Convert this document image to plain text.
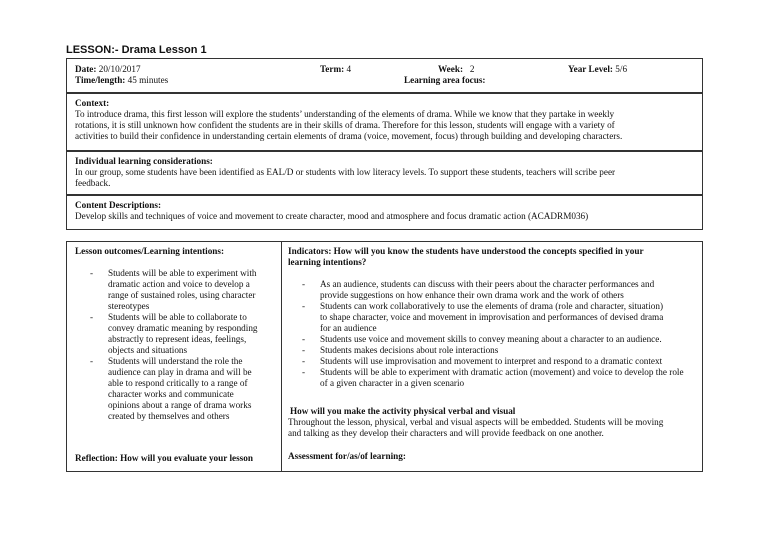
LESSON:- Drama Lesson 1
Date: 20/10/2017
Time/length: 45 minutes
Term: 4	Week: 2
Learning area focus:
Year Level: 5/6
Context:
To introduce drama, this first lesson will explore the students’ understanding of the elements of drama. While we know that they partake in weekly
rotations, it is still unknown how confident the students are in their skills of drama. Therefore for this lesson, students will engage with a variety of
activities to build their confidence in understanding certain elements of drama (voice, movement, focus) through building and developing characters.
Individual learning considerations:
In our group, some students have been identified as EAL/D or students with low literacy levels. To support these students, teachers will scribe peer
feedback.
Content Descriptions:
Develop skills and techniques of voice and movement to create character, mood and atmosphere and focus dramatic action (ACADRM036)
Lesson outcomes/Learning intentions:
- Students will be able to experiment with
dramatic action and voice to develop a
range of sustained roles, using character
stereotypes
- Students will be able to collaborate to
convey dramatic meaning by responding
abstractly to represent ideas, feelings,
objects and situations
- Students will understand the role the
audience can play in drama and will be
able to respond critically to a range of
character works and communicate
opinions about a range of drama works
created by themselves and others
Reflection: How will you evaluate your lesson
Indicators: How will you know the students have understood the concepts specified in your
learning intentions?
- As an audience, students can discuss with their peers about the character performances and
provide suggestions on how enhance their own drama work and the work of others
- Students can work collaboratively to use the elements of drama (role and character, situation)
to shape character, voice and movement in improvisation and performances of devised drama
for an audience
- Students use voice and movement skills to convey meaning about a character to an audience.
- Students makes decisions about role interactions
- Students will use improvisation and movement to interpret and respond to a dramatic context
- Students will be able to experiment with dramatic action (movement) and voice to develop the role
of a given character in a given scenario
How will you make the activity physical verbal and visual
Throughout the lesson, physical, verbal and visual aspects will be embedded. Students will be moving
and talking as they develop their characters and will provide feedback on one another.
Assessment for/as/of learning:
